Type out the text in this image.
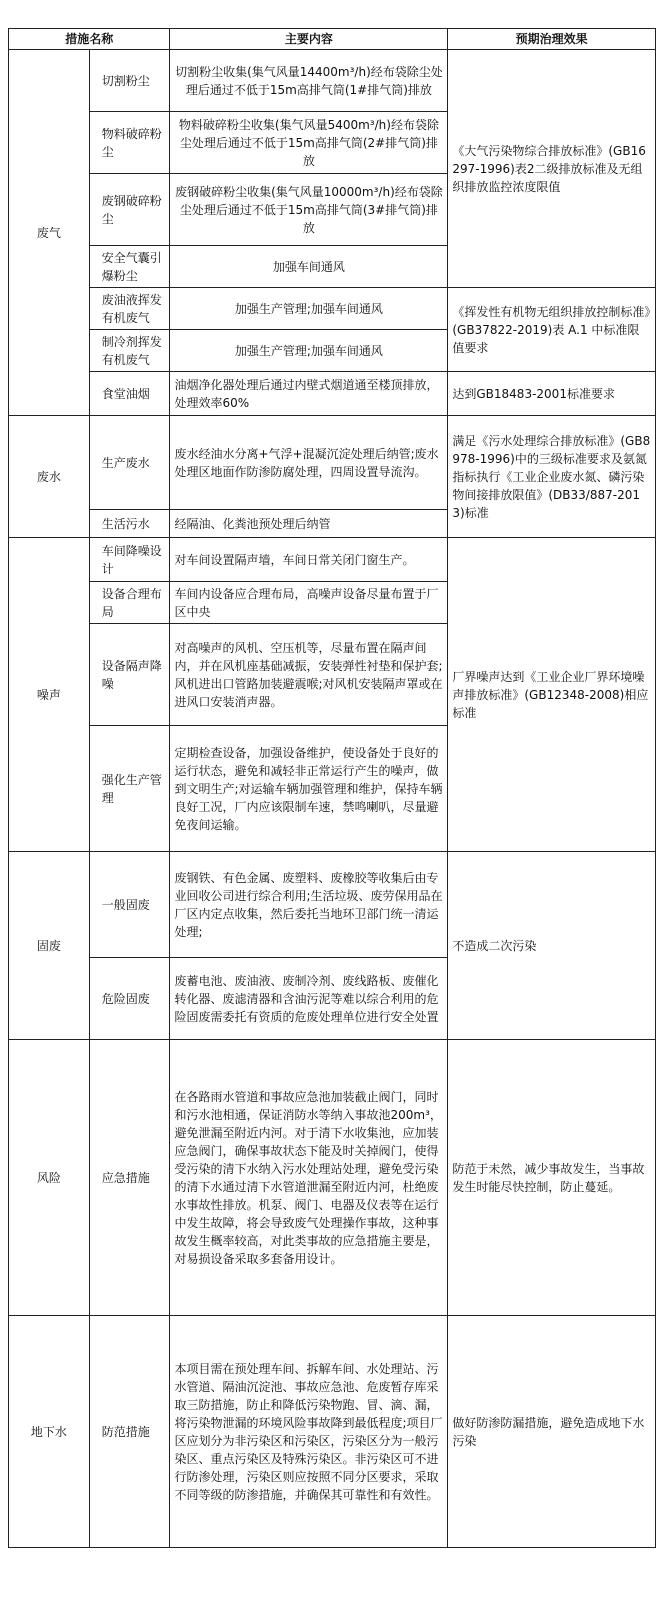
措施名称		主要内容	预期治理效果
废气	切割粉尘	切割粉尘收集(集气风量14400m³/h)经布袋除尘处理后通过不低于15m高排气筒(1#排气筒)排放	《大气污染物综合排放标准》(GB16297-1996)表2二级排放标准及无组织排放监控浓度限值
	物料破碎粉尘	物料破碎粉尘收集(集气风量5400m³/h)经布袋除尘处理后通过不低于15m高排气筒(2#排气筒)排放	
	废钢破碎粉尘	废钢破碎粉尘收集(集气风量10000m³/h)经布袋除尘处理后通过不低于15m高排气筒(3#排气筒)排放	
	安全气囊引爆粉尘	加强车间通风	
	废油液挥发有机废气	加强生产管理;加强车间通风	《挥发性有机物无组织排放控制标准》(GB37822-2019)表 A.1 中标准限值要求
	制冷剂挥发有机废气	加强生产管理;加强车间通风	
	食堂油烟	油烟净化器处理后通过内壁式烟道通至楼顶排放，处理效率60%	达到GB18483-2001标准要求
废水	生产废水	废水经油水分离+气浮+混凝沉淀处理后纳管;废水处理区地面作防渗防腐处理，四周设置导流沟。	满足《污水处理综合排放标准》(GB8978-1996)中的三级标准要求及氨氮指标执行《工业企业废水氮、磷污染物间接排放限值》(DB33/887-2013)标准
	生活污水	经隔油、化粪池预处理后纳管	
噪声	车间降噪设计	对车间设置隔声墙，车间日常关闭门窗生产。	厂界噪声达到《工业企业厂界环境噪声排放标准》(GB12348-2008)相应标准
	设备合理布局	车间内设备应合理布局，高噪声设备尽量布置于厂区中央	
	设备隔声降噪	对高噪声的风机、空压机等，尽量布置在隔声间内，并在风机座基础减振，安装弹性衬垫和保护套;风机进出口管路加装避震喉;对风机安装隔声罩或在进风口安装消声器。	
	强化生产管理	定期检查设备，加强设备维护，使设备处于良好的运行状态，避免和减轻非正常运行产生的噪声，做到文明生产;对运输车辆加强管理和维护，保持车辆良好工况，厂内应该限制车速，禁鸣喇叭，尽量避免夜间运输。	
固废	一般固废	废钢铁、有色金属、废塑料、废橡胶等收集后由专业回收公司进行综合利用;生活垃圾、废劳保用品在厂区内定点收集，然后委托当地环卫部门统一清运处理;	不造成二次污染
	危险固废	废蓄电池、废油液、废制冷剂、废线路板、废催化转化器、废滤清器和含油污泥等难以综合利用的危险固废需委托有资质的危废处理单位进行安全处置	
风险	应急措施	在各路雨水管道和事故应急池加装截止阀门，同时和污水池相通，保证消防水等纳入事故池200m³，避免泄漏至附近内河。对于清下水收集池，应加装应急阀门，确保事故状态下能及时关掉阀门，使得受污染的清下水纳入污水处理站处理，避免受污染的清下水通过清下水管道泄漏至附近内河，杜绝废水事故性排放。机泵、阀门、电器及仪表等在运行中发生故障，将会导致废气处理操作事故，这种事故发生概率较高，对此类事故的应急措施主要是，对易损设备采取多套备用设计。	防范于未然，减少事故发生，当事故发生时能尽快控制，防止蔓延。
地下水	防范措施	本项目需在预处理车间、拆解车间、水处理站、污水管道、隔油沉淀池、事故应急池、危废暂存库采取三防措施，防止和降低污染物跑、冒、滴、漏，将污染物泄漏的环境风险事故降到最低程度;项目厂区应划分为非污染区和污染区，污染区分为一般污染区、重点污染区及特殊污染区。非污染区可不进行防渗处理，污染区则应按照不同分区要求，采取不同等级的防渗措施，并确保其可靠性和有效性。	做好防渗防漏措施，避免造成地下水污染
